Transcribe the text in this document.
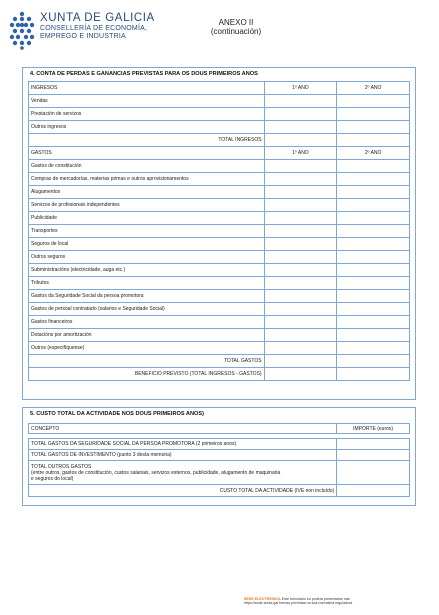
XUNTA DE GALICIA
CONSELLERÍA DE ECONOMÍA,
EMPREGO E INDUSTRIA
ANEXO II
(continuación)
4. CONTA DE PERDAS E GANANCIAS PREVISTAS PARA OS DOUS PRIMEIROS ANOS
INGRESOS	1º ANO	2º ANO
Vendas		
Prestación de servizos		
Outros ingresos		
TOTAL INGRESOS		
GASTOS	1º ANO	2º ANO
Gastos de constitución		
Compras de mercadorías, materias primas e outros aprovisionamentos		
Alugamentos		
Servizos de profesionais independentes		
Publicidade		
Transportes		
Seguros de local		
Outros seguros		
Subministracións (electricidade, auga etc.)		
Tributos		
Gastos da Seguridade Social da persoa promotora		
Gastos de persoal contratado (salarios e Seguridade Social)		
Gastos financeiros		
Dotacións por amortización		
Outros (especifíquense)		
TOTAL GASTOS		
BENEFICIO PREVISTO (TOTAL INGRESOS - GASTOS)		
5. CUSTO TOTAL DA ACTIVIDADE NOS DOUS PRIMEIROS ANOS)
CONCEPTO	IMPORTE (euros)

TOTAL GASTOS DA SEGURIDADE SOCIAL DA PERSOA PROMOTORA (2 primeiros anos)	
TOTAL GASTOS DE INVESTIMENTO (punto 3 desta memoria)	

TOTAL OUTROS GASTOS
(entre outros, gastos de constitución, custos salariais, servizos externos, publicidade, alugamento de maquinaria
e seguros do local)	

CUSTO TOTAL DA ACTIVIDADE (IVE non incluído)	
SEDE ELECTRÓNICA Este formulario só poderá presentarse nas
https://sede.xunta.gal formas previstas na súa normativa reguladora
